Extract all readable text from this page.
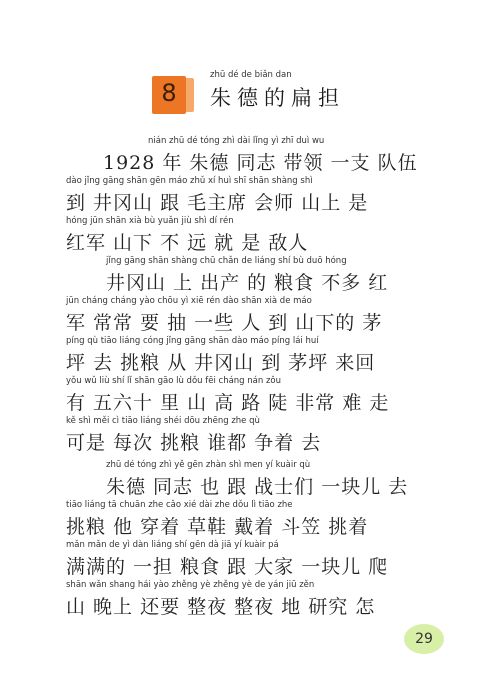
8
zhū dé de biǎn dan
朱德的扁担
nián zhū dé tóng zhì dài lǐng yì zhī duì wu
1928 年 朱德 同志 带领 一支 队伍
dào jǐng gāng shān gēn máo zhǔ xí huì shī shān shàng shì
到 井冈山 跟 毛主席 会师 山上 是
hóng jūn shān xià bù yuǎn jiù shì dí rén
红军 山下 不 远 就 是 敌人
jǐng gāng shān shàng chū chǎn de liáng shí bù duō hóng
井冈山 上 出产 的 粮食 不多 红
jūn cháng cháng yào chōu yì xiē rén dào shān xià de máo
军 常常 要 抽 一些 人 到 山下的 茅
píng qù tiāo liáng cóng jǐng gāng shān dào máo píng lái huí
坪 去 挑粮 从 井冈山 到 茅坪 来回
yǒu wǔ liù shí lǐ shān gāo lù dǒu fēi cháng nán zǒu
有 五六十 里 山 高 路 陡 非常 难 走
kě shì měi cì tiāo liáng shéi dōu zhēng zhe qù
可是 每次 挑粮 谁都 争着 去
zhū dé tóng zhì yě gēn zhàn shì men yí kuàir qù
朱德 同志 也 跟 战士们 一块儿 去
tiāo liáng tā chuān zhe cǎo xié dài zhe dǒu lì tiāo zhe
挑粮 他 穿着 草鞋 戴着 斗笠 挑着
mǎn mǎn de yì dàn liáng shí gēn dà jiā yí kuàir pá
满满的 一担 粮食 跟 大家 一块儿 爬
shān wǎn shang hái yào zhěng yè zhěng yè de yán jiū zěn
山 晚上 还要 整夜 整夜 地 研究 怎
29
